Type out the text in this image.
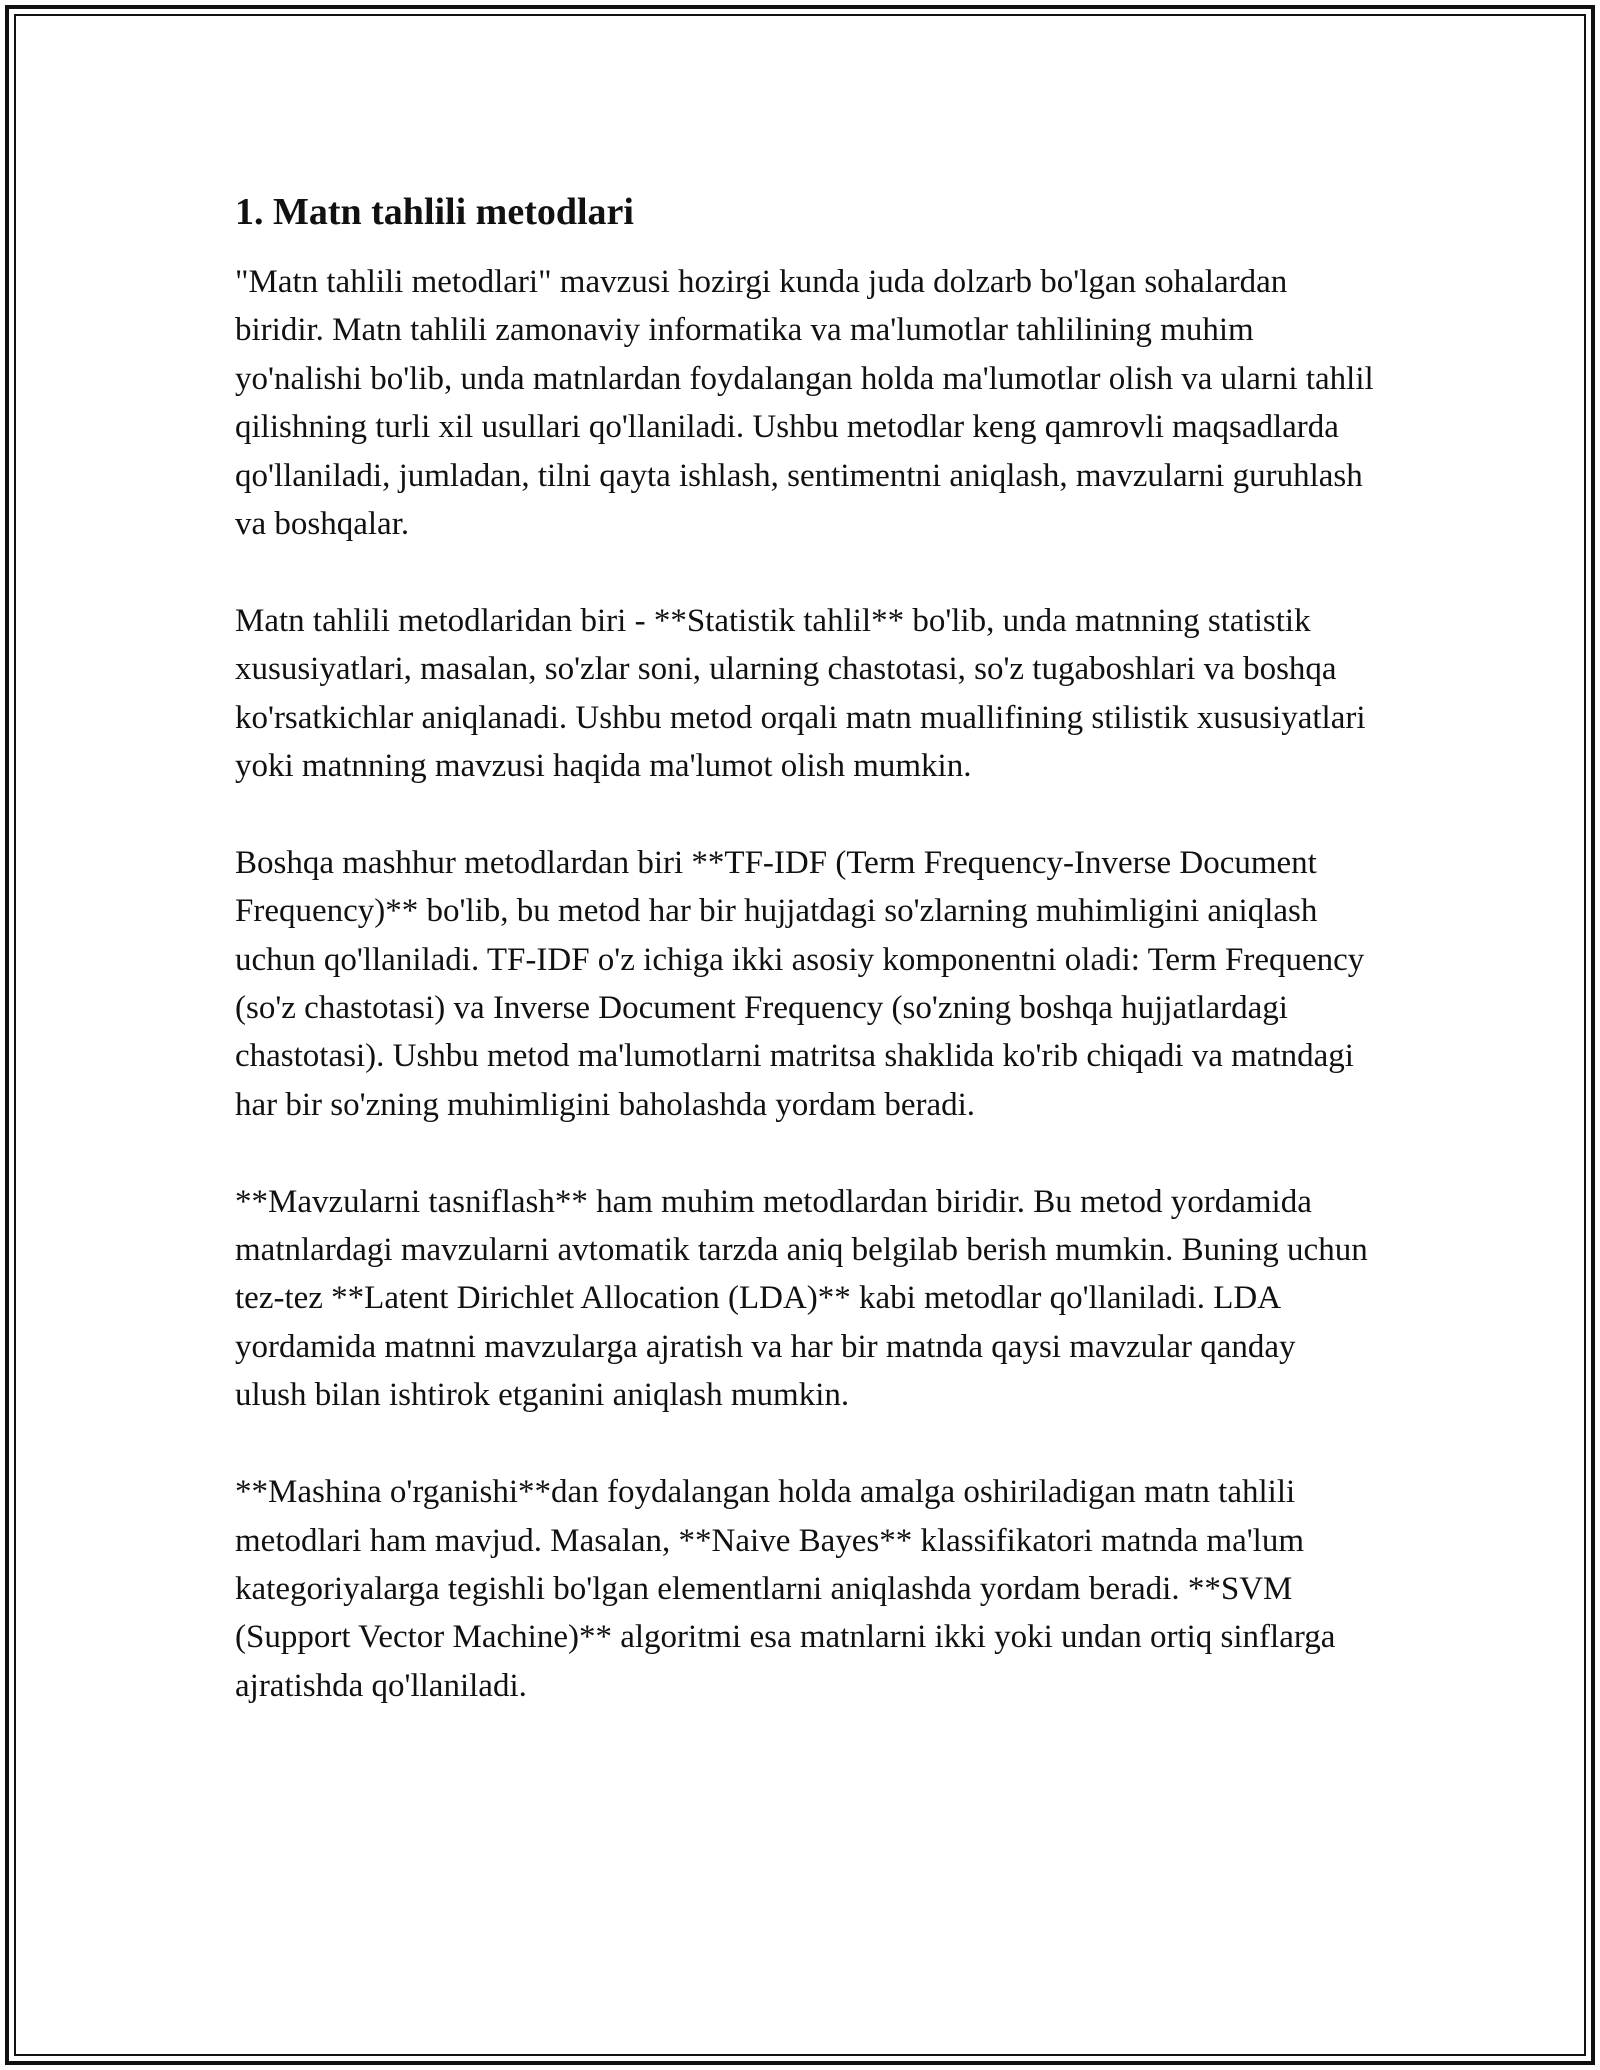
1. Matn tahlili metodlari

"Matn tahlili metodlari" mavzusi hozirgi kunda juda dolzarb bo'lgan sohalardan biridir. Matn tahlili zamonaviy informatika va ma'lumotlar tahlilining muhim yo'nalishi bo'lib, unda matnlardan foydalangan holda ma'lumotlar olish va ularni tahlil qilishning turli xil usullari qo'llaniladi. Ushbu metodlar keng qamrovli maqsadlarda qo'llaniladi, jumladan, tilni qayta ishlash, sentimentni aniqlash, mavzularni guruhlash va boshqalar.

Matn tahlili metodlaridan biri - **Statistik tahlil** bo'lib, unda matnning statistik xususiyatlari, masalan, so'zlar soni, ularning chastotasi, so'z tugaboshlari va boshqa ko'rsatkichlar aniqlanadi. Ushbu metod orqali matn muallifining stilistik xususiyatlari yoki matnning mavzusi haqida ma'lumot olish mumkin.

Boshqa mashhur metodlardan biri **TF-IDF (Term Frequency-Inverse Document Frequency)** bo'lib, bu metod har bir hujjatdagi so'zlarning muhimligini aniqlash uchun qo'llaniladi. TF-IDF o'z ichiga ikki asosiy komponentni oladi: Term Frequency (so'z chastotasi) va Inverse Document Frequency (so'zning boshqa hujjatlardagi chastotasi). Ushbu metod ma'lumotlarni matritsa shaklida ko'rib chiqadi va matndagi har bir so'zning muhimligini baholashda yordam beradi.

**Mavzularni tasniflash** ham muhim metodlardan biridir. Bu metod yordamida matnlardagi mavzularni avtomatik tarzda aniq belgilab berish mumkin. Buning uchun tez-tez **Latent Dirichlet Allocation (LDA)** kabi metodlar qo'llaniladi. LDA yordamida matnni mavzularga ajratish va har bir matnda qaysi mavzular qanday ulush bilan ishtirok etganini aniqlash mumkin.

**Mashina o'rganishi**dan foydalangan holda amalga oshiriladigan matn tahlili metodlari ham mavjud. Masalan, **Naive Bayes** klassifikatori matnda ma'lum kategoriyalarga tegishli bo'lgan elementlarni aniqlashda yordam beradi. **SVM (Support Vector Machine)** algoritmi esa matnlarni ikki yoki undan ortiq sinflarga ajratishda qo'llaniladi.
